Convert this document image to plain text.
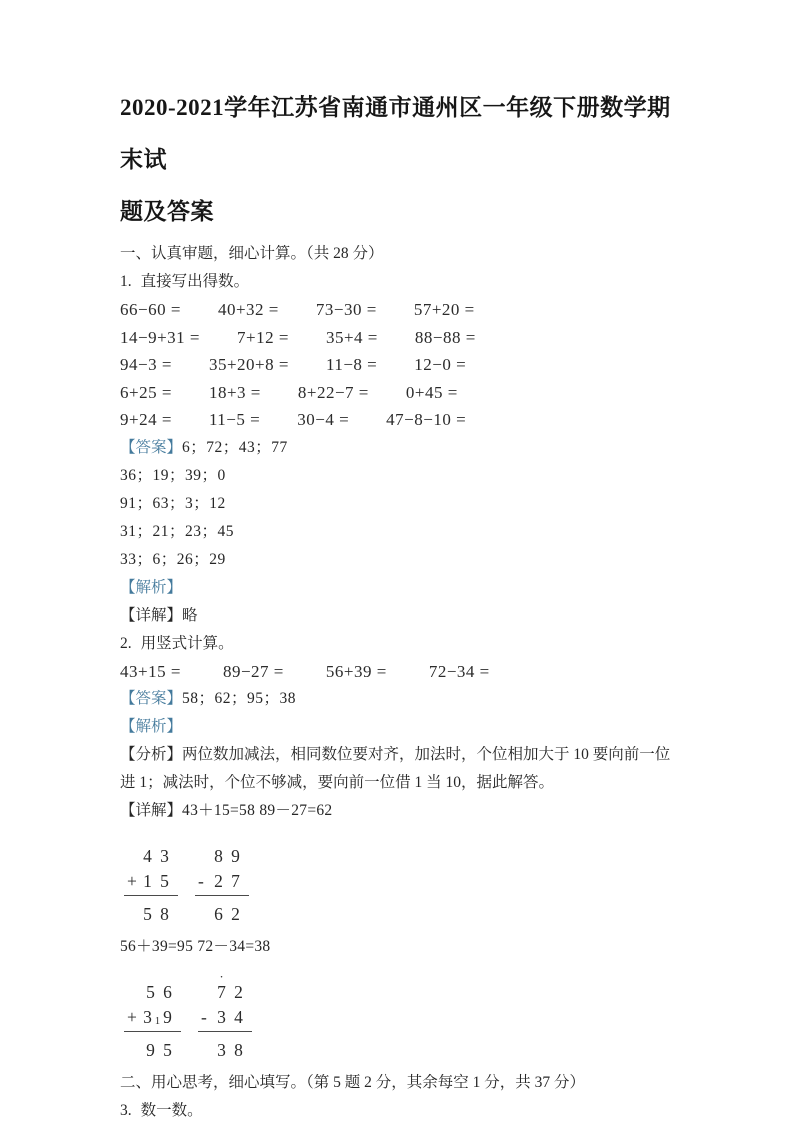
2020-2021学年江苏省南通市通州区一年级下册数学期末试
题及答案

一、认真审题，细心计算。（共 28 分）

1. 直接写出得数。

66−60 = 40+32 = 73−30 = 57+20 =
14−9+31 = 7+12 = 35+4 = 88−88 =
94−3 = 35+20+8 = 11−8 = 12−0 =
6+25 = 18+3 = 8+22−7 = 0+45 =
9+24 = 11−5 = 30−4 = 47−8−10 =

【答案】6；72；43；77

36；19；39；0

91；63；3；12

31；21；23；45

33；6；26；29

【解析】

【详解】略

2. 用竖式计算。

43+15 = 89−27 = 56+39 = 72−34 =

【答案】58；62；95；38

【解析】

【分析】两位数加减法，相同数位要对齐，加法时，个位相加大于 10 要向前一位进 1；减法时，个位不够减，要向前一位借 1 当 10，据此解答。

【详解】43＋15=58 89－27=62

4 3
+ 1 5
5 8
8 9
- 2 7
6 2

56＋39=95 72－34=38

5 6
+ 3 1 9
9 5
·
7 2
- 3 4
3 8

二、用心思考，细心填写。（第 5 题 2 分，其余每空 1 分，共 37 分）

3. 数一数。
